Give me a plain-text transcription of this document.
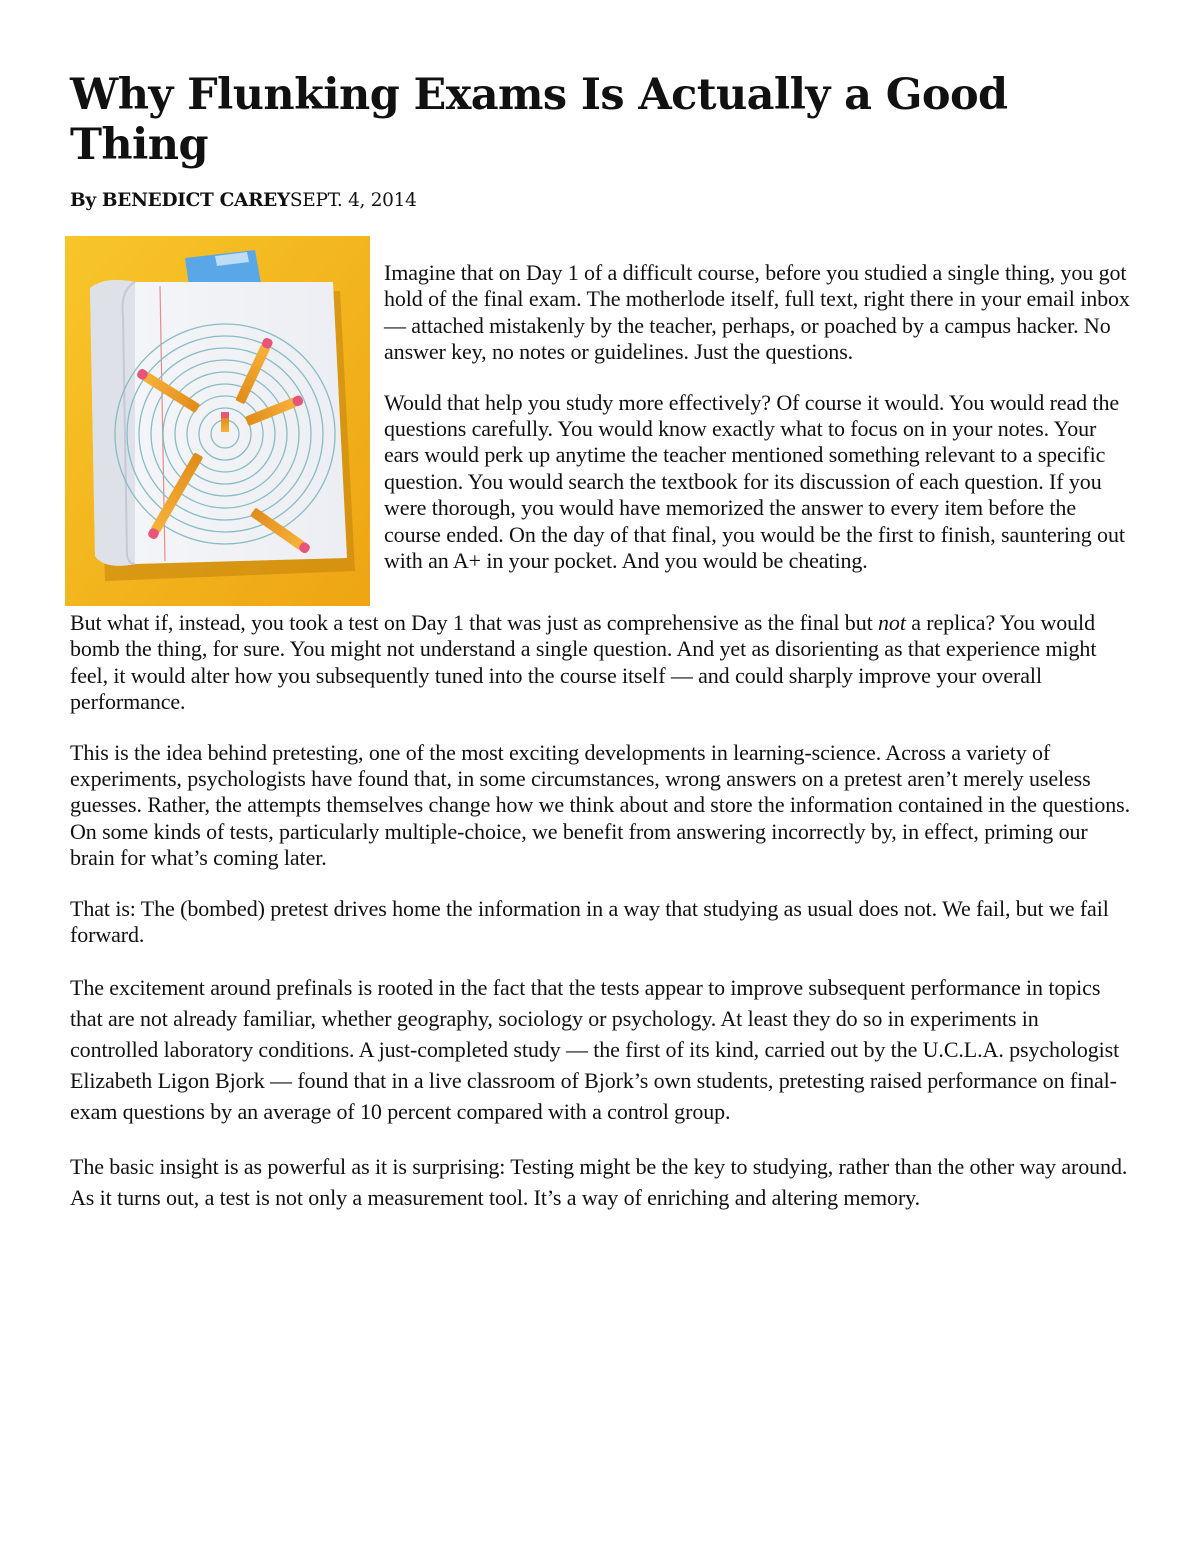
Why Flunking Exams Is Actually a Good Thing
By BENEDICT CAREYSEPT. 4, 2014

Imagine that on Day 1 of a difficult course, before you studied a single thing, you got hold of the final exam. The motherlode itself, full text, right there in your email inbox — attached mistakenly by the teacher, perhaps, or poached by a campus hacker. No answer key, no notes or guidelines. Just the questions.

Would that help you study more effectively? Of course it would. You would read the questions carefully. You would know exactly what to focus on in your notes. Your ears would perk up anytime the teacher mentioned something relevant to a specific question. You would search the textbook for its discussion of each question. If you were thorough, you would have memorized the answer to every item before the course ended. On the day of that final, you would be the first to finish, sauntering out with an A+ in your pocket. And you would be cheating.

But what if, instead, you took a test on Day 1 that was just as comprehensive as the final but not a replica? You would bomb the thing, for sure. You might not understand a single question. And yet as disorienting as that experience might feel, it would alter how you subsequently tuned into the course itself — and could sharply improve your overall performance.

This is the idea behind pretesting, one of the most exciting developments in learning-science. Across a variety of experiments, psychologists have found that, in some circumstances, wrong answers on a pretest aren’t merely useless guesses. Rather, the attempts themselves change how we think about and store the information contained in the questions. On some kinds of tests, particularly multiple-choice, we benefit from answering incorrectly by, in effect, priming our brain for what’s coming later.

That is: The (bombed) pretest drives home the information in a way that studying as usual does not. We fail, but we fail forward.

The excitement around prefinals is rooted in the fact that the tests appear to improve subsequent performance in topics that are not already familiar, whether geography, sociology or psychology. At least they do so in experiments in controlled laboratory conditions. A just-completed study — the first of its kind, carried out by the U.C.L.A. psychologist Elizabeth Ligon Bjork — found that in a live classroom of Bjork’s own students, pretesting raised performance on final-exam questions by an average of 10 percent compared with a control group.

The basic insight is as powerful as it is surprising: Testing might be the key to studying, rather than the other way around. As it turns out, a test is not only a measurement tool. It’s a way of enriching and altering memory.
